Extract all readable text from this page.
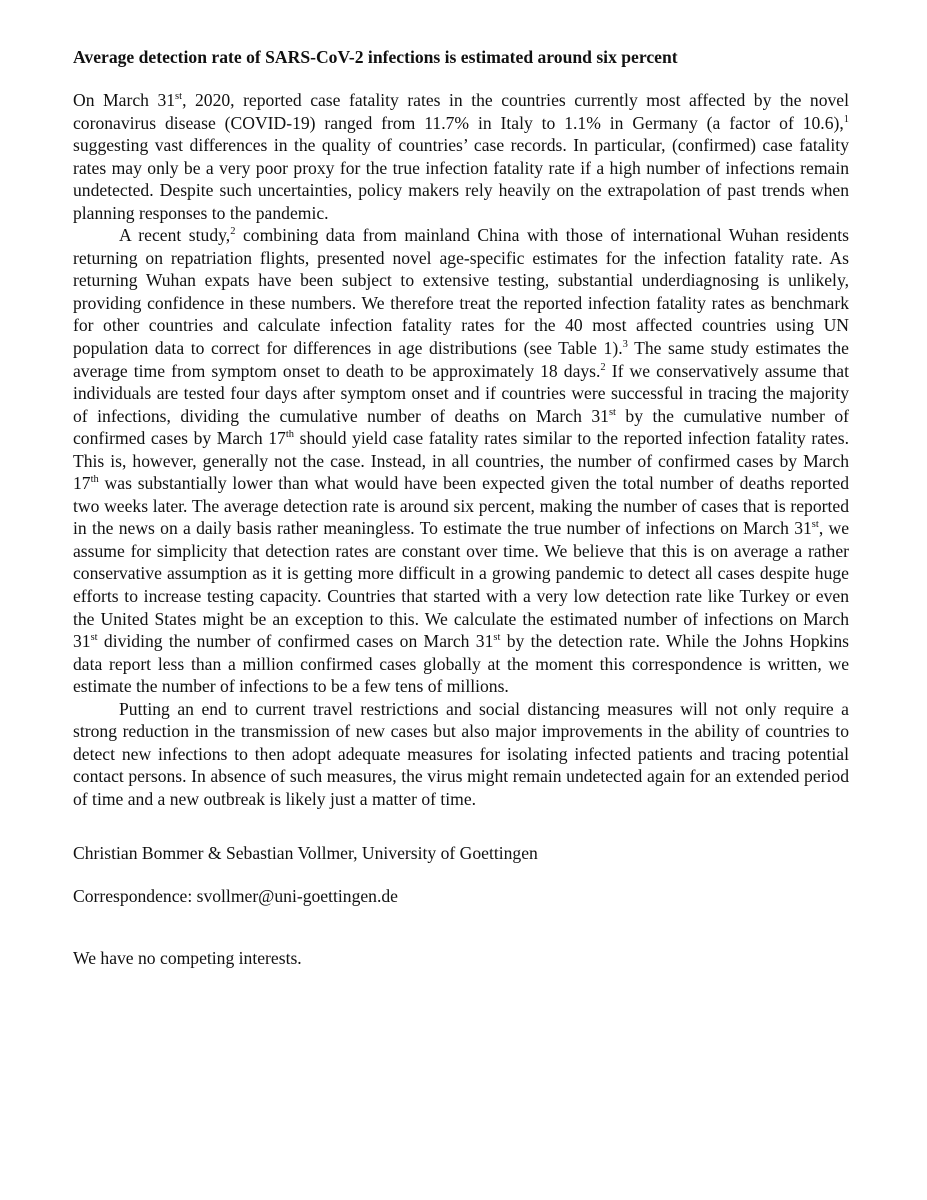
Average detection rate of SARS-CoV-2 infections is estimated around six percent

On March 31st, 2020, reported case fatality rates in the countries currently most affected by the novel coronavirus disease (COVID-19) ranged from 11.7% in Italy to 1.1% in Germany (a factor of 10.6),$^1$ suggesting vast differences in the quality of countries’ case records. In particular, (confirmed) case fatality rates may only be a very poor proxy for the true infection fatality rate if a high number of infections remain undetected. Despite such uncertainties, policy makers rely heavily on the extrapolation of past trends when planning responses to the pandemic.

A recent study,$^2$ combining data from mainland China with those of international Wuhan residents returning on repatriation flights, presented novel age-specific estimates for the infection fatality rate. As returning Wuhan expats have been subject to extensive testing, substantial underdiagnosing is unlikely, providing confidence in these numbers. We therefore treat the reported infection fatality rates as benchmark for other countries and calculate infection fatality rates for the 40 most affected countries using UN population data to correct for differences in age distributions (see Table 1).$^3$ The same study estimates the average time from symptom onset to death to be approximately 18 days.$^2$ If we conservatively assume that individuals are tested four days after symptom onset and if countries were successful in tracing the majority of infections, dividing the cumulative number of deaths on March 31st by the cumulative number of confirmed cases by March 17th should yield case fatality rates similar to the reported infection fatality rates. This is, however, generally not the case. Instead, in all countries, the number of confirmed cases by March 17th was substantially lower than what would have been expected given the total number of deaths reported two weeks later. The average detection rate is around six percent, making the number of cases that is reported in the news on a daily basis rather meaningless. To estimate the true number of infections on March 31st, we assume for simplicity that detection rates are constant over time. We believe that this is on average a rather conservative assumption as it is getting more difficult in a growing pandemic to detect all cases despite huge efforts to increase testing capacity. Countries that started with a very low detection rate like Turkey or even the United States might be an exception to this. We calculate the estimated number of infections on March 31st dividing the number of confirmed cases on March 31st by the detection rate. While the Johns Hopkins data report less than a million confirmed cases globally at the moment this correspondence is written, we estimate the number of infections to be a few tens of millions.

Putting an end to current travel restrictions and social distancing measures will not only require a strong reduction in the transmission of new cases but also major improvements in the ability of countries to detect new infections to then adopt adequate measures for isolating infected patients and tracing potential contact persons. In absence of such measures, the virus might remain undetected again for an extended period of time and a new outbreak is likely just a matter of time.

Christian Bommer & Sebastian Vollmer, University of Goettingen

Correspondence: svollmer@uni-goettingen.de

We have no competing interests.
